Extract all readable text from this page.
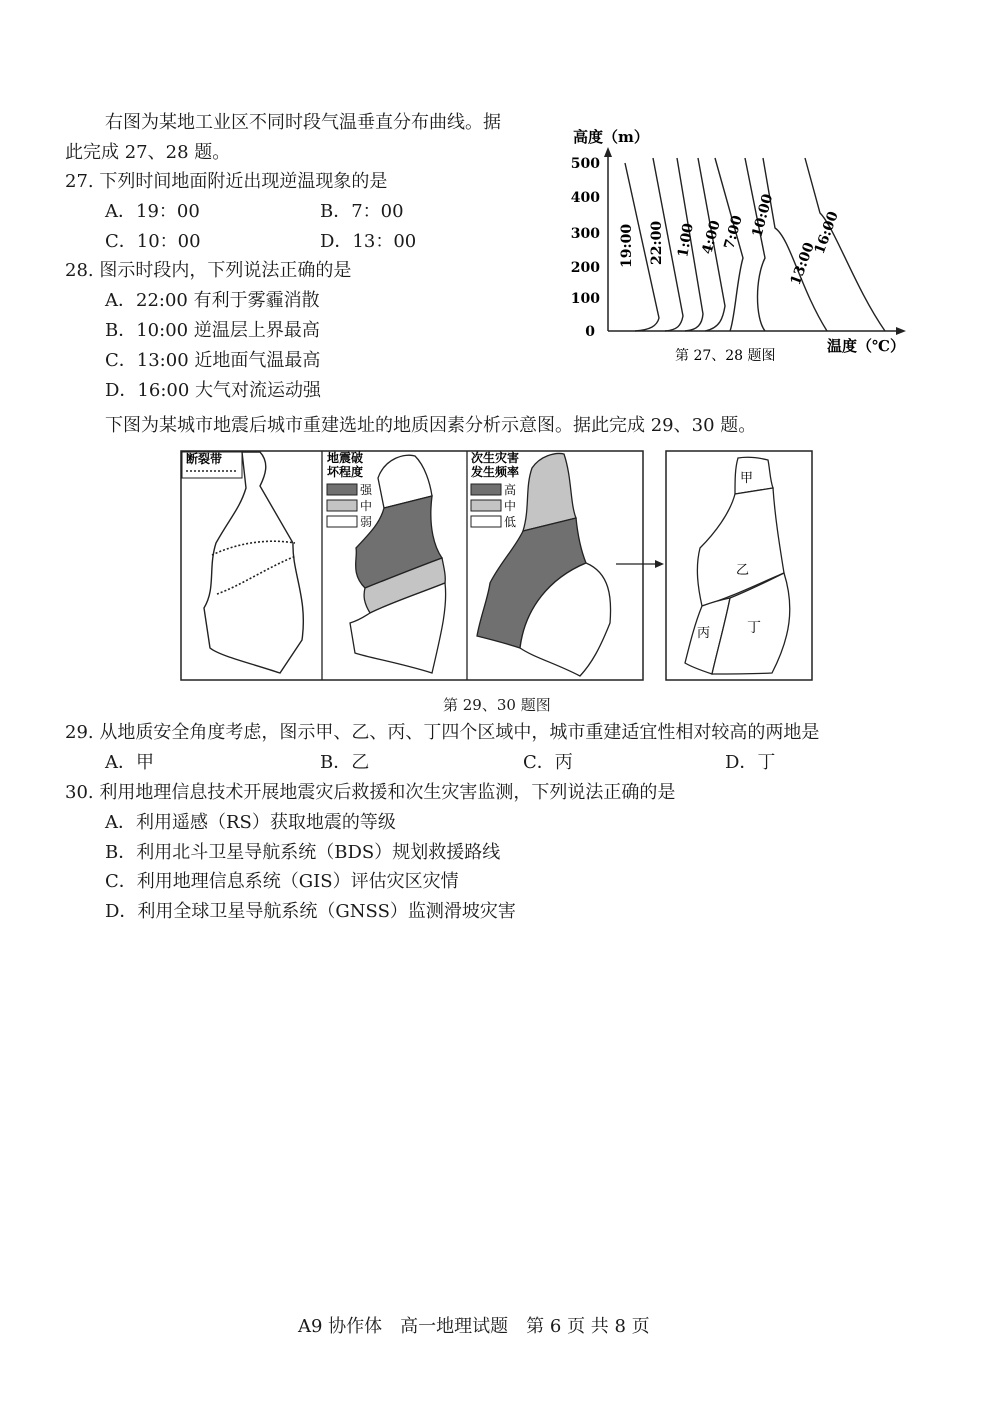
右图为某地工业区不同时段气温垂直分布曲线。据
此完成 27、28 题。
27. 下列时间地面附近出现逆温现象的是
A．19：00	B．7：00
C．10：00	D．13：00
28. 图示时段内，下列说法正确的是
A．22:00 有利于雾霾消散
B．10:00 逆温层上界最高
C．13:00 近地面气温最高
D．16:00 大气对流运动强
高度（m）
500
400
300
200
100
0
19:00 22:00 1:00 4:00
7:00 10:00
13:00
16:00
温度（℃）
第 27、28 题图
下图为某城市地震后城市重建选址的地质因素分析示意图。据此完成 29、30 题。
断裂带	地震破
坏程度
强
中
弱
次生灾害
发生频率
高
中
低
甲
乙
丙	丁
第 29、30 题图
29. 从地质安全角度考虑，图示甲、乙、丙、丁四个区域中，城市重建适宜性相对较高的两地是
A．甲	B．乙	C．丙	D．丁
30. 利用地理信息技术开展地震灾后救援和次生灾害监测，下列说法正确的是
A．利用遥感（RS）获取地震的等级
B．利用北斗卫星导航系统（BDS）规划救援路线
C．利用地理信息系统（GIS）评估灾区灾情
D．利用全球卫星导航系统（GNSS）监测滑坡灾害
A9 协作体　高一地理试题　第 6 页 共 8 页
